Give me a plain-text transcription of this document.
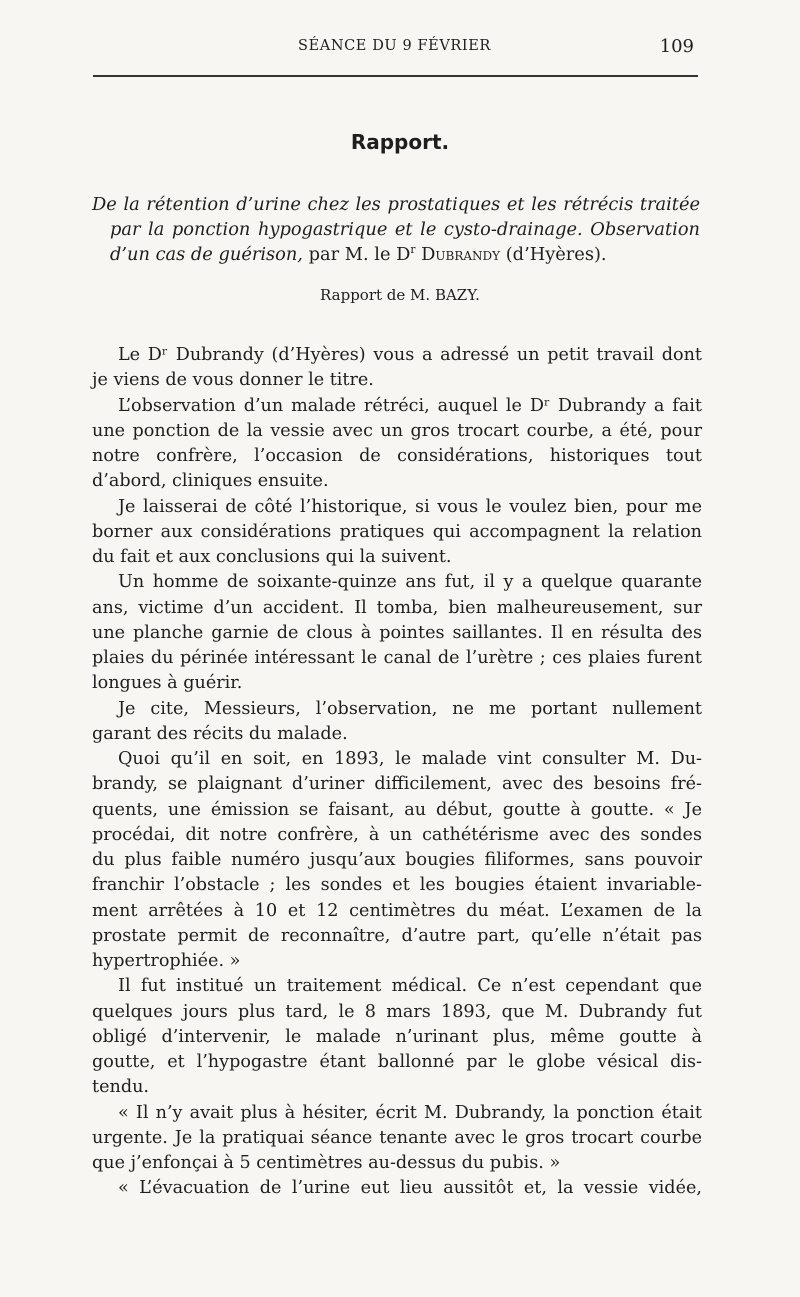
SÉANCE DU 9 FÉVRIER	109
Rapport.
De la rétention d’urine chez les prostatiques et les rétrécis traitée
par la ponction hypogastrique et le cysto-drainage. Observation
d’un cas de guérison, par M. le $D^r$ Dubrandy (d’Hyères).
Rapport de M. BAZY.
Le Dʳ Dubrandy (d’Hyères) vous a adressé un petit travail dont
je viens de vous donner le titre.
L’observation d’un malade rétréci, auquel le Dʳ Dubrandy a fait
une ponction de la vessie avec un gros trocart courbe, a été, pour
notre confrère, l’occasion de considérations, historiques tout
d’abord, cliniques ensuite.
Je laisserai de côté l’historique, si vous le voulez bien, pour me
borner aux considérations pratiques qui accompagnent la relation
du fait et aux conclusions qui la suivent.
Un homme de soixante-quinze ans fut, il y a quelque quarante
ans, victime d’un accident. Il tomba, bien malheureusement, sur
une planche garnie de clous à pointes saillantes. Il en résulta des
plaies du périnée intéressant le canal de l’urètre ; ces plaies furent
longues à guérir.
Je cite, Messieurs, l’observation, ne me portant nullement
garant des récits du malade.
Quoi qu’il en soit, en 1893, le malade vint consulter M. Du-
brandy, se plaignant d’uriner difficilement, avec des besoins fré-
quents, une émission se faisant, au début, goutte à goutte. « Je
procédai, dit notre confrère, à un cathétérisme avec des sondes
du plus faible numéro jusqu’aux bougies filiformes, sans pouvoir
franchir l’obstacle ; les sondes et les bougies étaient invariable-
ment arrêtées à 10 et 12 centimètres du méat. L’examen de la
prostate permit de reconnaître, d’autre part, qu’elle n’était pas
hypertrophiée. »
Il fut institué un traitement médical. Ce n’est cependant que
quelques jours plus tard, le 8 mars 1893, que M. Dubrandy fut
obligé d’intervenir, le malade n’urinant plus, même goutte à
goutte, et l’hypogastre étant ballonné par le globe vésical dis-
tendu.
« Il n’y avait plus à hésiter, écrit M. Dubrandy, la ponction était
urgente. Je la pratiquai séance tenante avec le gros trocart courbe
que j’enfonçai à 5 centimètres au-dessus du pubis. »
« L’évacuation de l’urine eut lieu aussitôt et, la vessie vidée,
